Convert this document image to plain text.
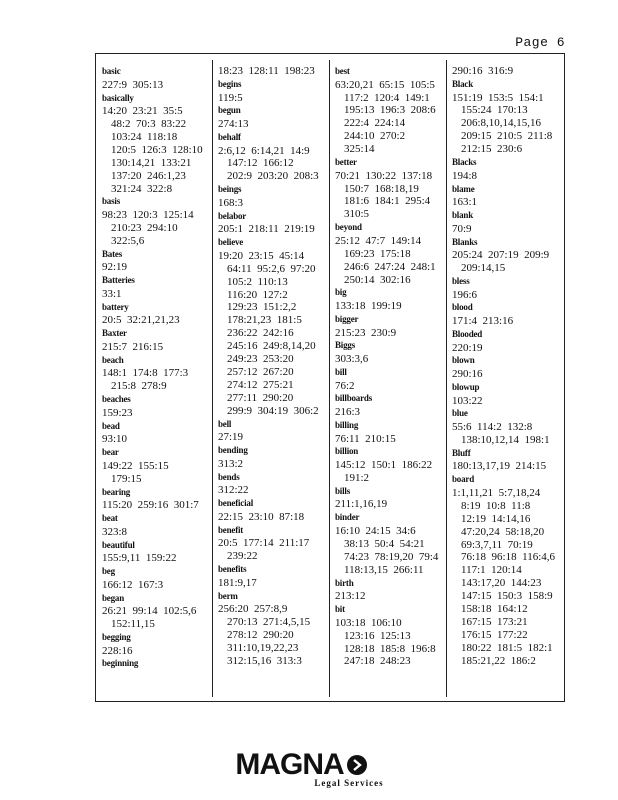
Page 6
basic
227:9  305:13
basically
14:20  23:21  35:5
48:2  70:3  83:22
103:24  118:18
120:5  126:3  128:10
130:14,21  133:21
137:20  246:1,23
321:24  322:8
basis
98:23  120:3  125:14
210:23  294:10
322:5,6
Bates
92:19
Batteries
33:1
battery
20:5  32:21,21,23
Baxter
215:7  216:15
beach
148:1  174:8  177:3
215:8  278:9
beaches
159:23
bead
93:10
bear
149:22  155:15
179:15
bearing
115:20  259:16  301:7
beat
323:8
beautiful
155:9,11  159:22
beg
166:12  167:3
began
26:21  99:14  102:5,6
152:11,15
begging
228:16
beginning
18:23  128:11  198:23
begins
119:5
begun
274:13
behalf
2:6,12  6:14,21  14:9
147:12  166:12
202:9  203:20  208:3
beings
168:3
belabor
205:1  218:11  219:19
believe
19:20  23:15  45:14
64:11  95:2,6  97:20
105:2  110:13
116:20  127:2
129:23  151:2,2
178:21,23  181:5
236:22  242:16
245:16  249:8,14,20
249:23  253:20
257:12  267:20
274:12  275:21
277:11  290:20
299:9  304:19  306:2
bell
27:19
bending
313:2
bends
312:22
beneficial
22:15  23:10  87:18
benefit
20:5  177:14  211:17
239:22
benefits
181:9,17
berm
256:20  257:8,9
270:13  271:4,5,15
278:12  290:20
311:10,19,22,23
312:15,16  313:3
best
63:20,21  65:15  105:5
117:2  120:4  149:1
195:13  196:3  208:6
222:4  224:14
244:10  270:2
325:14
better
70:21  130:22  137:18
150:7  168:18,19
181:6  184:1  295:4
310:5
beyond
25:12  47:7  149:14
169:23  175:18
246:6  247:24  248:1
250:14  302:16
big
133:18  199:19
bigger
215:23  230:9
Biggs
303:3,6
bill
76:2
billboards
216:3
billing
76:11  210:15
billion
145:12  150:1  186:22
191:2
bills
211:1,16,19
binder
16:10  24:15  34:6
38:13  50:4  54:21
74:23  78:19,20  79:4
118:13,15  266:11
birth
213:12
bit
103:18  106:10
123:16  125:13
128:18  185:8  196:8
247:18  248:23
290:16  316:9
Black
151:19  153:5  154:1
155:24  170:13
206:8,10,14,15,16
209:15  210:5  211:8
212:15  230:6
Blacks
194:8
blame
163:1
blank
70:9
Blanks
205:24  207:19  209:9
209:14,15
bless
196:6
blood
171:4  213:16
Blooded
220:19
blown
290:16
blowup
103:22
blue
55:6  114:2  132:8
138:10,12,14  198:1
Bluff
180:13,17,19  214:15
board
1:1,11,21  5:7,18,24
8:19  10:8  11:8
12:19  14:14,16
47:20,24  58:18,20
69:3,7,11  70:19
76:18  96:18  116:4,6
117:1  120:14
143:17,20  144:23
147:15  150:3  158:9
158:18  164:12
167:15  173:21
176:15  177:22
180:22  181:5  182:1
185:21,22  186:2
MAGNA
Legal Services
